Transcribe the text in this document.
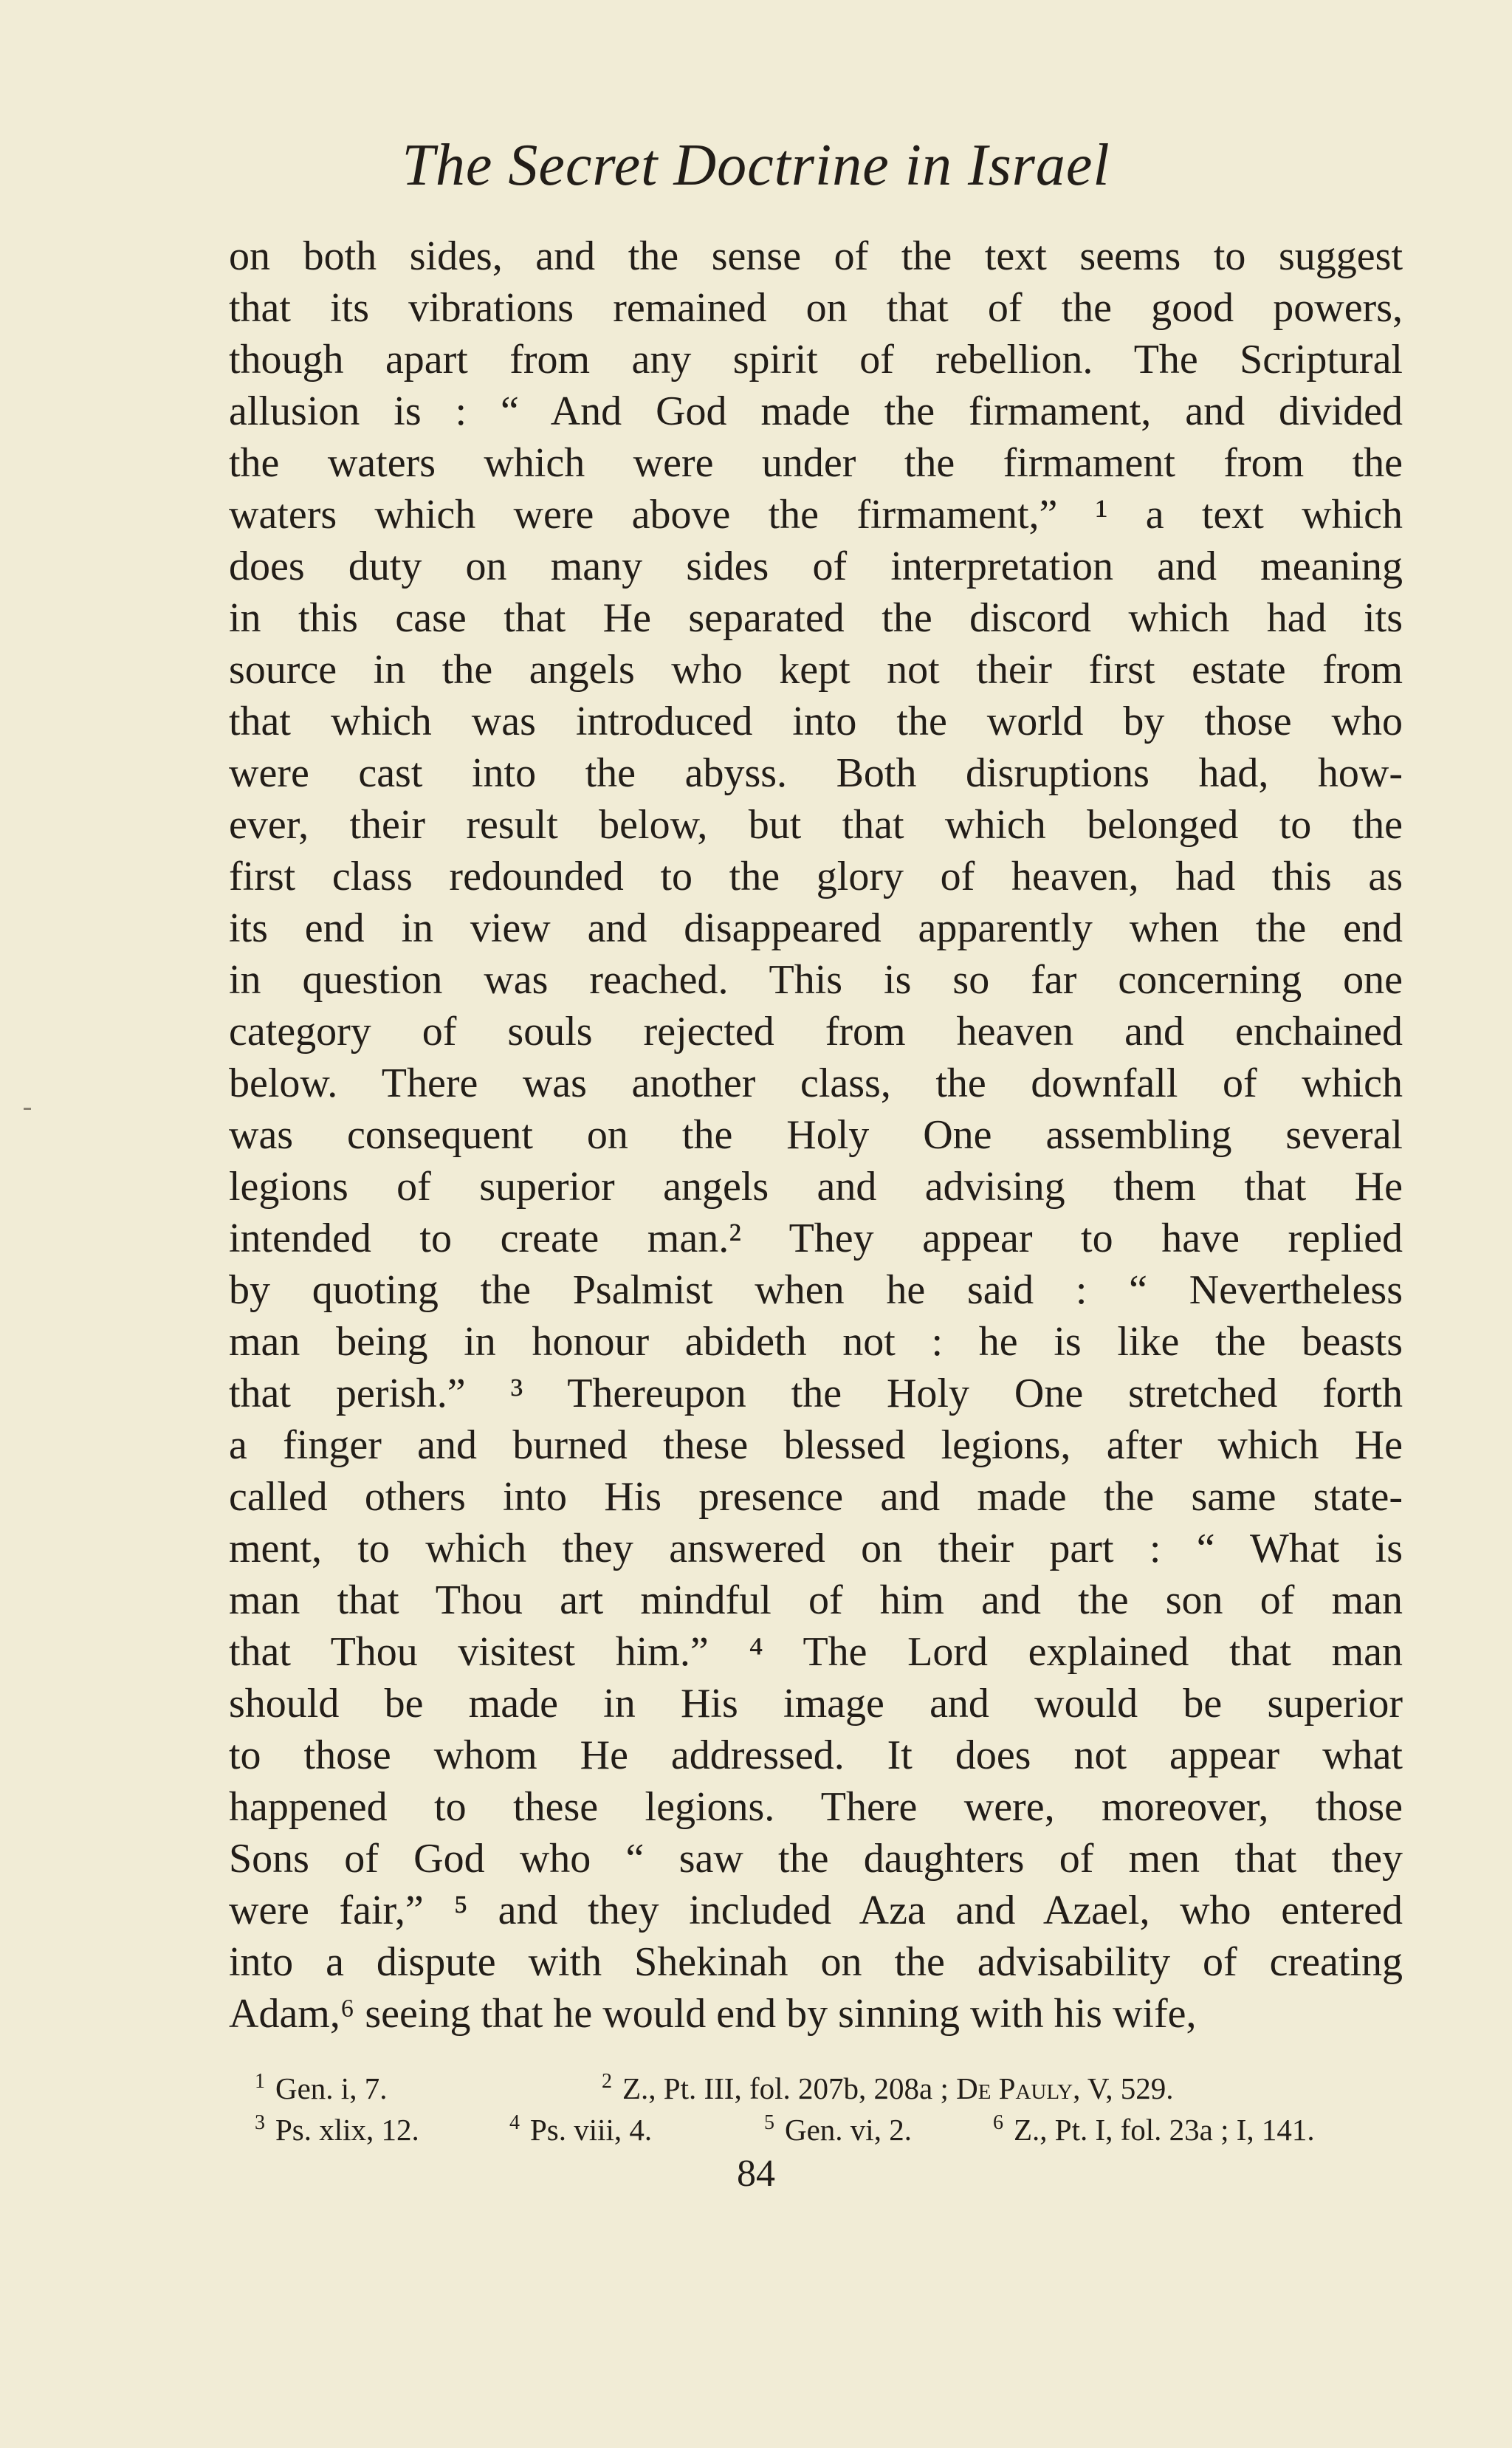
The Secret Doctrine in Israel
on both sides, and the sense of the text seems to suggest
that its vibrations remained on that of the good powers,
though apart from any spirit of rebellion. The Scriptural
allusion is : “ And God made the firmament, and divided
the waters which were under the firmament from the
waters which were above the firmament,” ¹ a text which
does duty on many sides of interpretation and meaning
in this case that He separated the discord which had its
source in the angels who kept not their first estate from
that which was introduced into the world by those who
were cast into the abyss. Both disruptions had, how-
ever, their result below, but that which belonged to the
first class redounded to the glory of heaven, had this as
its end in view and disappeared apparently when the end
in question was reached. This is so far concerning one
category of souls rejected from heaven and enchained
below. There was another class, the downfall of which
was consequent on the Holy One assembling several
legions of superior angels and advising them that He
intended to create man.² They appear to have replied
by quoting the Psalmist when he said : “ Nevertheless
man being in honour abideth not : he is like the beasts
that perish.” ³ Thereupon the Holy One stretched forth
a finger and burned these blessed legions, after which He
called others into His presence and made the same state-
ment, to which they answered on their part : “ What is
man that Thou art mindful of him and the son of man
that Thou visitest him.” ⁴ The Lord explained that man
should be made in His image and would be superior
to those whom He addressed. It does not appear what
happened to these legions. There were, moreover, those
Sons of God who “ saw the daughters of men that they
were fair,” ⁵ and they included Aza and Azael, who entered
into a dispute with Shekinah on the advisability of creating
Adam,⁶ seeing that he would end by sinning with his wife,
$^1$ Gen. i, 7.	$^2$ Z., Pt. III, fol. 207b, 208a ; De Pauly, V, 529.
$^3$ Ps. xlix, 12.	$^4$ Ps. viii, 4.	$^5$ Gen. vi, 2.	$^6$ Z., Pt. I, fol. 23a ; I, 141.
84
